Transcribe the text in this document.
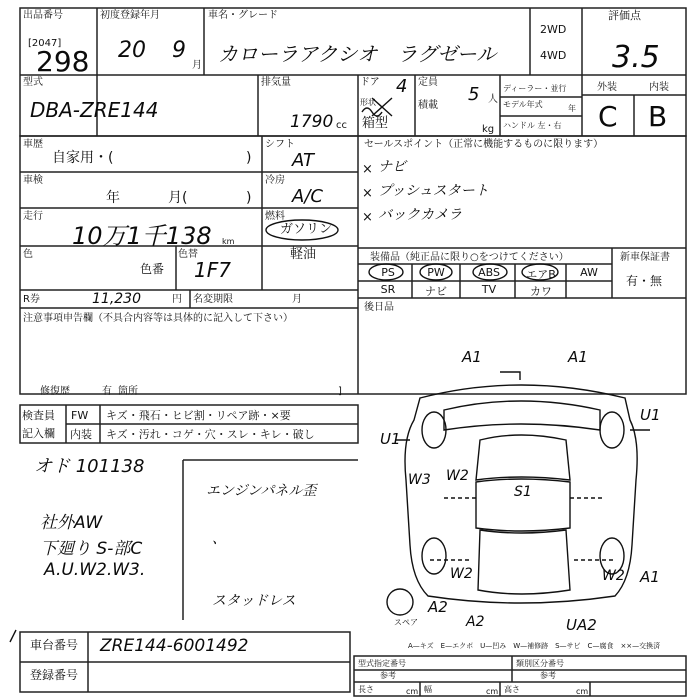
出品番号
[2047]
298
初度登録年月
20 9
月
車名・グレード
カローラアクシオ　ラグゼール
2WD
4WD
評価点
3.5
型式
DBA-ZRE144
排気量
1790 cc
ドア 4
形状
箱型
定員
5 人
積載
kg
ディーラー・並行
モデル年式	年
ハンドル 左・右
外装	内装
C B
車歴
自家用・(	)
シフト
AT
車検
年	月(	)
冷房
A/C
走行
10万1千138 km
燃料
ガソリン
軽油
色
色番
色替
1F7
R券	11,230	円 名変期限	月
注意事項申告欄（不具合内容等は具体的に記入して下さい）
修復歴	有 箇所	]
セールスポイント（正常に機能するものに限ります）
ナビ
プッシュスタート
バックカメラ
×
×
×
装備品（純正品に限り○をつけてください）
PS	PW	ABS	エアB	AW
SR	ナビ	TV	カワ
新車保証書
有・無
後日品
検査員
記入欄
FW キズ・飛石・ヒビ割・リペア跡・×要
内装 キズ・汚れ・コゲ・穴・スレ・キレ・破し
オド 101138
社外AW
下廻り S-部C
A.U.W2.W3.
エンジンパネル歪
、
スタッドレス
A1	A1
U1
U1
W3 W2
S1
W2	W2 A1
A2
A2	UA2
スペア
A—キズ　E—エクボ　U—凹み　W—補修跡　S—サビ　C—腐食　××—交換済
車台番号 ZRE144-6001492
登録番号
型式指定番号
参考
類別区分番号
参考
長さ	幅	高さ
cm	cm	cm
